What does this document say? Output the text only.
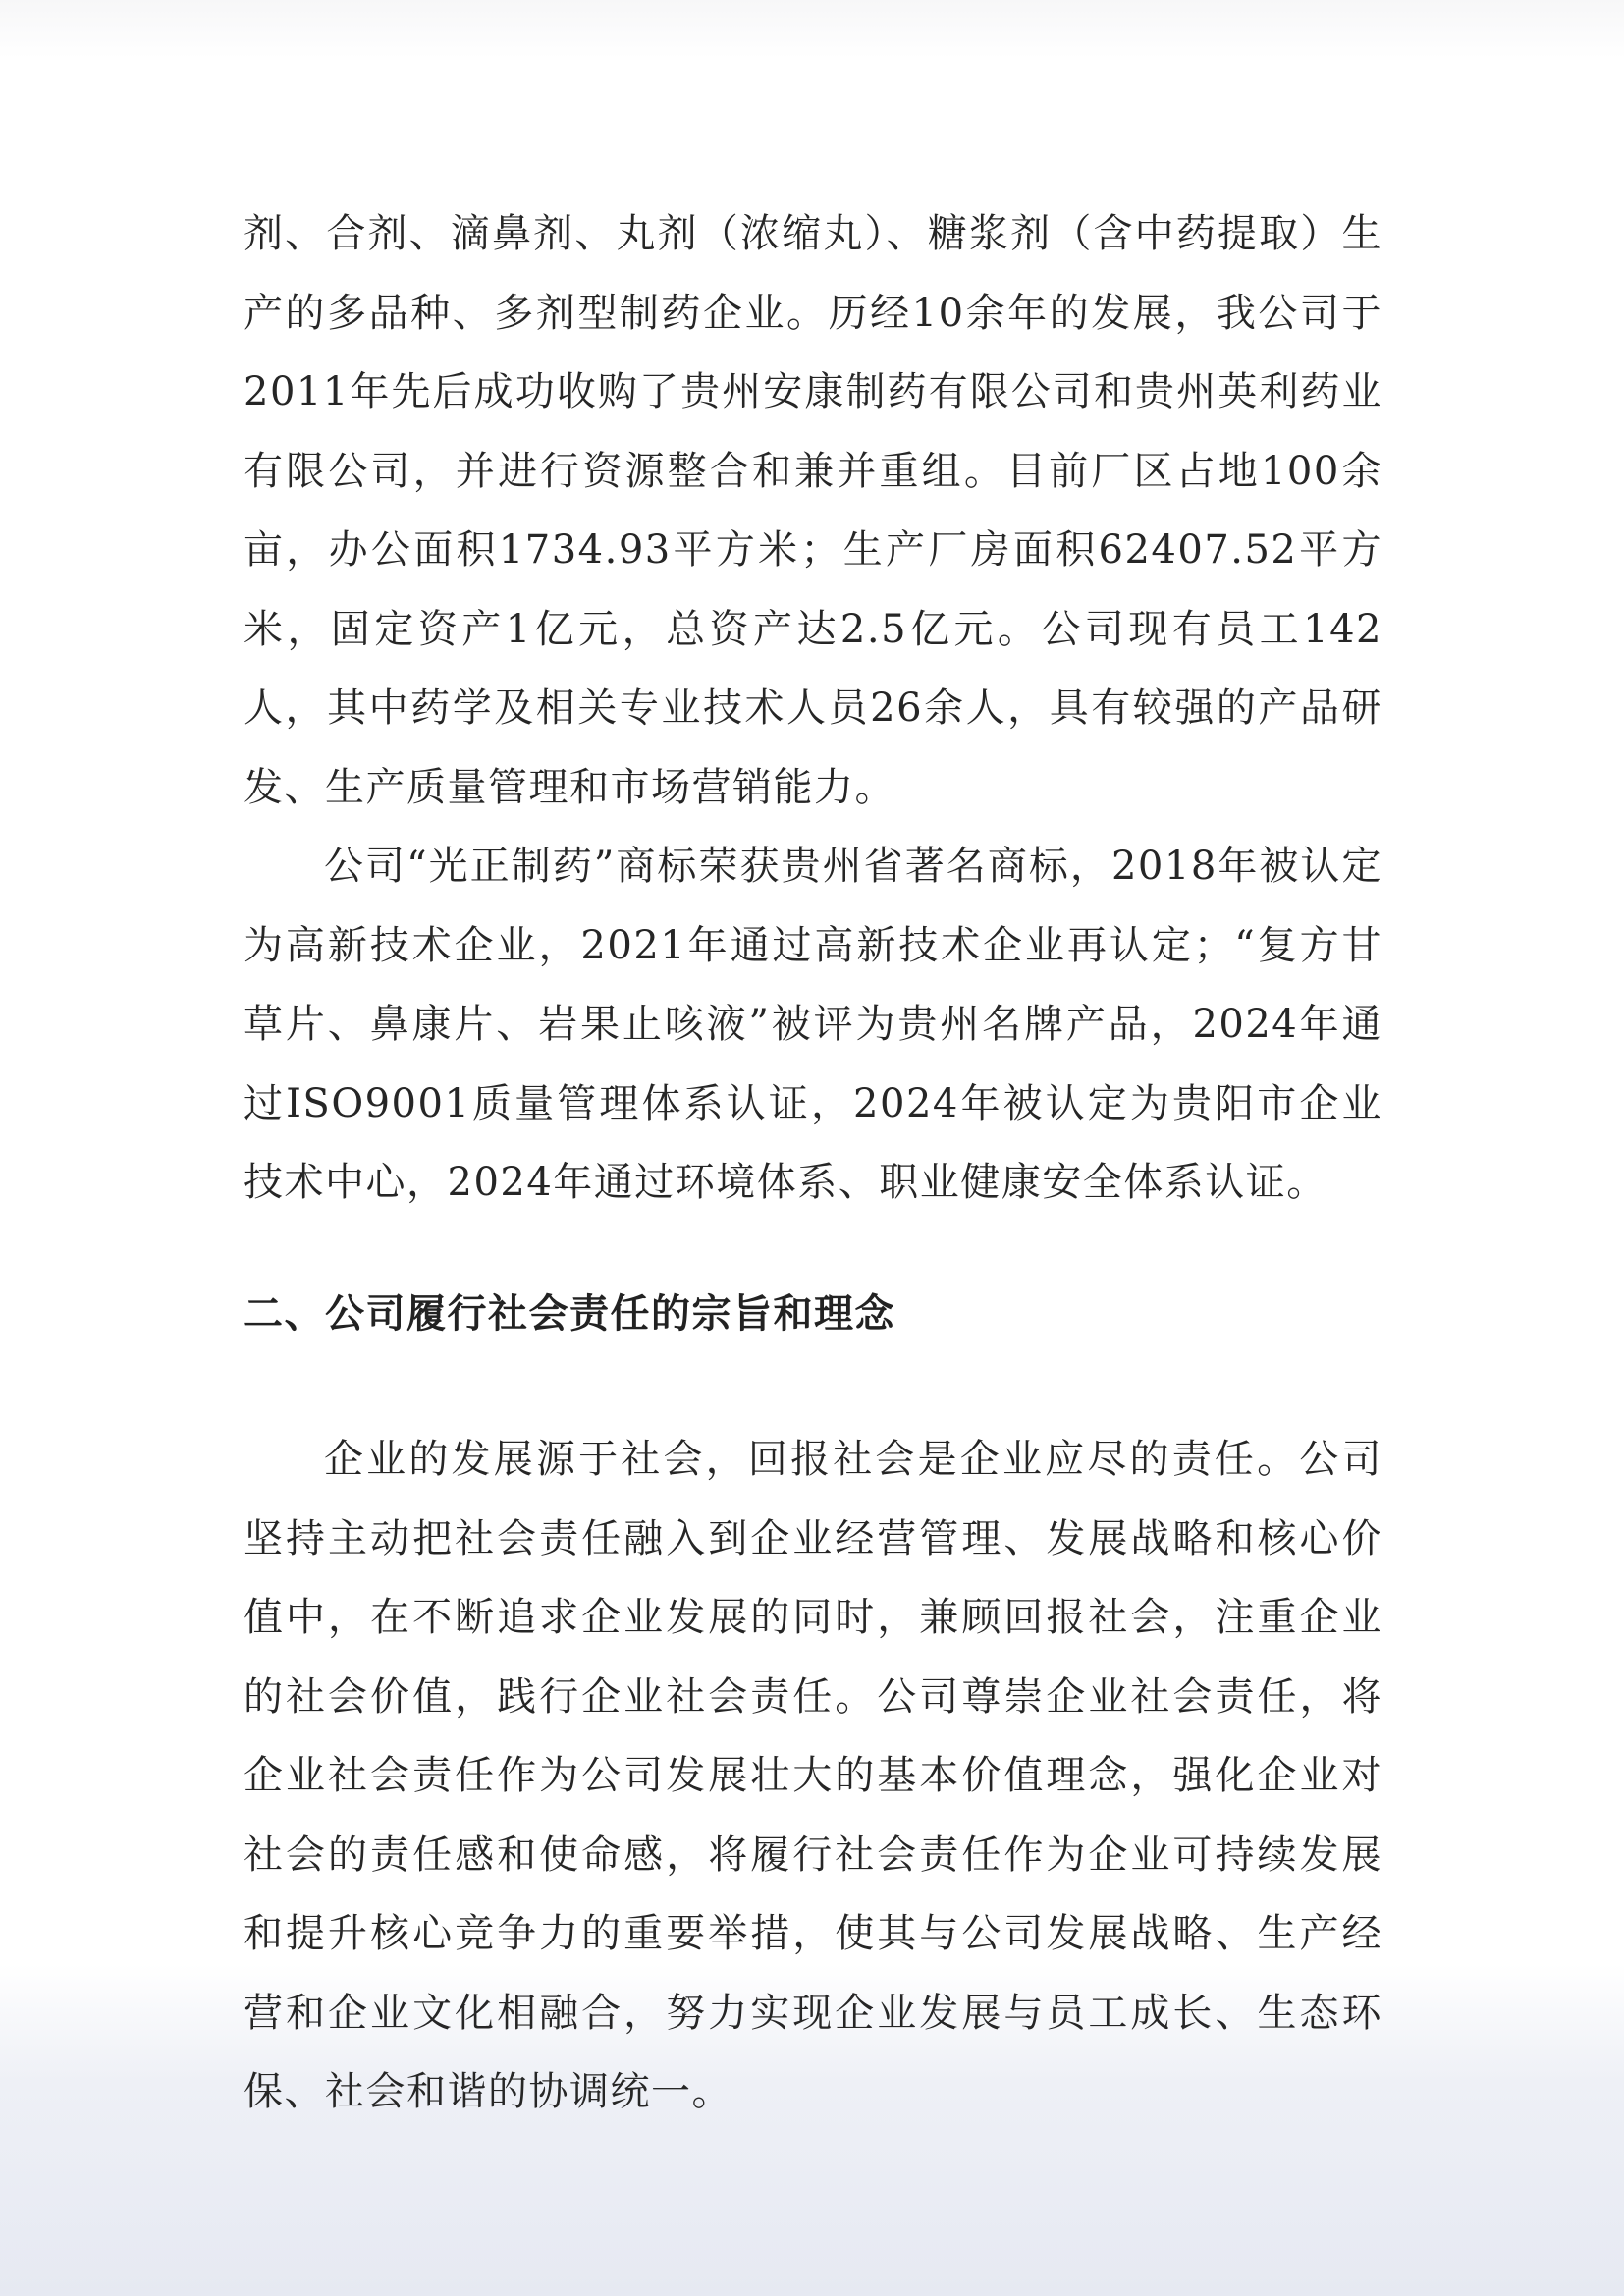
剂、合剂、滴鼻剂、丸剂（浓缩丸）、糖浆剂（含中药提取）生产的多品种、多剂型制药企业。历经10余年的发展，我公司于2011年先后成功收购了贵州安康制药有限公司和贵州英利药业有限公司，并进行资源整合和兼并重组。目前厂区占地100余亩，办公面积1734.93平方米；生产厂房面积62407.52平方米，固定资产1亿元，总资产达2.5亿元。公司现有员工142人，其中药学及相关专业技术人员26余人，具有较强的产品研发、生产质量管理和市场营销能力。

公司“光正制药”商标荣获贵州省著名商标，2018年被认定为高新技术企业，2021年通过高新技术企业再认定；“复方甘草片、鼻康片、岩果止咳液”被评为贵州名牌产品，2024年通过ISO9001质量管理体系认证，2024年被认定为贵阳市企业技术中心，2024年通过环境体系、职业健康安全体系认证。

二、公司履行社会责任的宗旨和理念

企业的发展源于社会，回报社会是企业应尽的责任。公司坚持主动把社会责任融入到企业经营管理、发展战略和核心价值中，在不断追求企业发展的同时，兼顾回报社会，注重企业的社会价值，践行企业社会责任。公司尊崇企业社会责任，将企业社会责任作为公司发展壮大的基本价值理念，强化企业对社会的责任感和使命感，将履行社会责任作为企业可持续发展和提升核心竞争力的重要举措，使其与公司发展战略、生产经营和企业文化相融合，努力实现企业发展与员工成长、生态环保、社会和谐的协调统一。
